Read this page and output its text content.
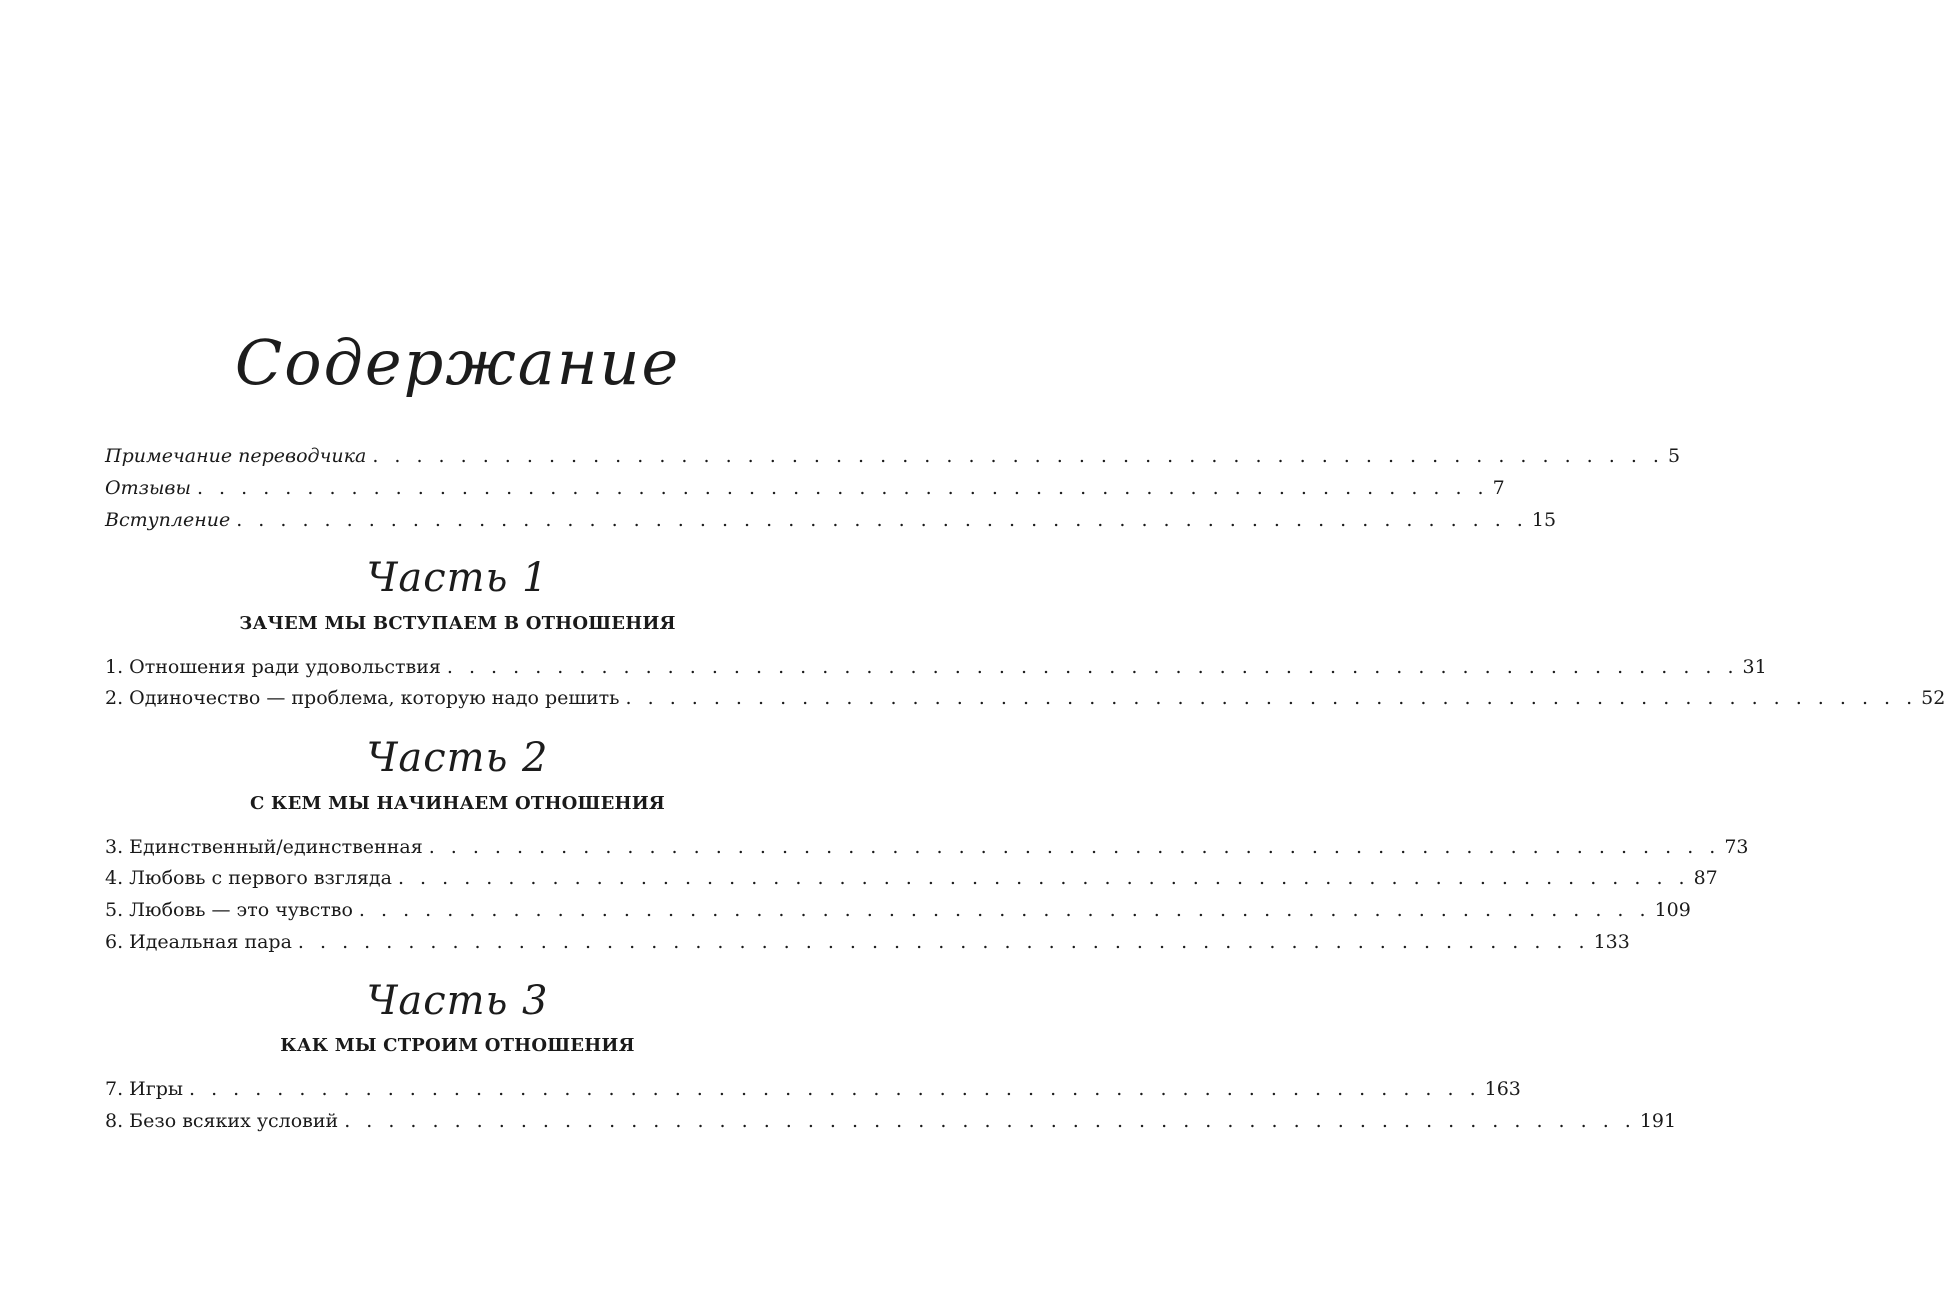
Содержание
Примечание переводчика . . . . . . . . . . . . . . . . . . . . . . . . . . . . . . . . . . . . . . . . . . . . . . . . . . . . . . . . . . . 5
Отзывы . . . . . . . . . . . . . . . . . . . . . . . . . . . . . . . . . . . . . . . . . . . . . . . . . . . . . . . . . . . 7
Вступление . . . . . . . . . . . . . . . . . . . . . . . . . . . . . . . . . . . . . . . . . . . . . . . . . . . . . . . . . . . 15
Часть 1
ЗАЧЕМ МЫ ВСТУПАЕМ В ОТНОШЕНИЯ
1. Отношения ради удовольствия . . . . . . . . . . . . . . . . . . . . . . . . . . . . . . . . . . . . . . . . . . . . . . . . . . . . . . . . . . . 31
2. Одиночество — проблема, которую надо решить . . . . . . . . . . . . . . . . . . . . . . . . . . . . . . . . . . . . . . . . . . . . . . . . . . . . . . . . . . . 52
Часть 2
С КЕМ МЫ НАЧИНАЕМ ОТНОШЕНИЯ
3. Единственный/единственная . . . . . . . . . . . . . . . . . . . . . . . . . . . . . . . . . . . . . . . . . . . . . . . . . . . . . . . . . . . 73
4. Любовь с первого взгляда . . . . . . . . . . . . . . . . . . . . . . . . . . . . . . . . . . . . . . . . . . . . . . . . . . . . . . . . . . . 87
5. Любовь — это чувство . . . . . . . . . . . . . . . . . . . . . . . . . . . . . . . . . . . . . . . . . . . . . . . . . . . . . . . . . . . 109
6. Идеальная пара . . . . . . . . . . . . . . . . . . . . . . . . . . . . . . . . . . . . . . . . . . . . . . . . . . . . . . . . . . . 133
Часть 3
КАК МЫ СТРОИМ ОТНОШЕНИЯ
7. Игры . . . . . . . . . . . . . . . . . . . . . . . . . . . . . . . . . . . . . . . . . . . . . . . . . . . . . . . . . . . 163
8. Безо всяких условий . . . . . . . . . . . . . . . . . . . . . . . . . . . . . . . . . . . . . . . . . . . . . . . . . . . . . . . . . . . 191
